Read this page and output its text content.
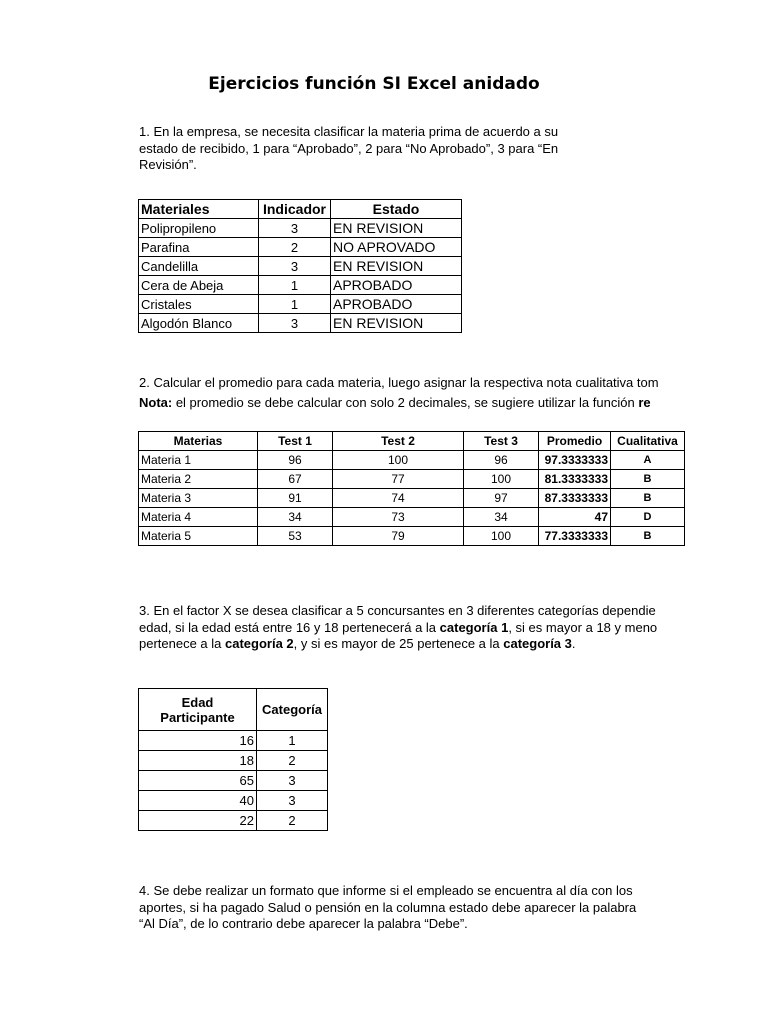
Ejercicios función SI Excel anidado
1. En la empresa, se necesita clasificar la materia prima de acuerdo a su
estado de recibido, 1 para “Aprobado”, 2 para “No Aprobado”, 3 para “En
Revisión”.
Materiales	Indicador	Estado
Polipropileno	3	EN REVISION
Parafina	2	NO APROVADO
Candelilla	3	EN REVISION
Cera de Abeja	1	APROBADO
Cristales	1	APROBADO
Algodón Blanco	3	EN REVISION
2. Calcular el promedio para cada materia, luego asignar la respectiva nota cualitativa tom
Nota: el promedio se debe calcular con solo 2 decimales, se sugiere utilizar la función re
Materias	Test 1	Test 2	Test 3	Promedio	Cualitativa
Materia 1	96	100	96	97.3333333	A
Materia 2	67	77	100	81.3333333	B
Materia 3	91	74	97	87.3333333	B
Materia 4	34	73	34	47	D
Materia 5	53	79	100	77.3333333	B
3. En el factor X se desea clasificar a 5 concursantes en 3 diferentes categorías dependie
edad, si la edad está entre 16 y 18 pertenecerá a la categoría 1, si es mayor a 18 y meno
pertenece a la categoría 2, y si es mayor de 25 pertenece a la categoría 3.
Edad
Participante	Categoría
16	1
18	2
65	3
40	3
22	2
4. Se debe realizar un formato que informe si el empleado se encuentra al día con los
aportes, si ha pagado Salud o pensión en la columna estado debe aparecer la palabra
“Al Día”, de lo contrario debe aparecer la palabra “Debe”.
